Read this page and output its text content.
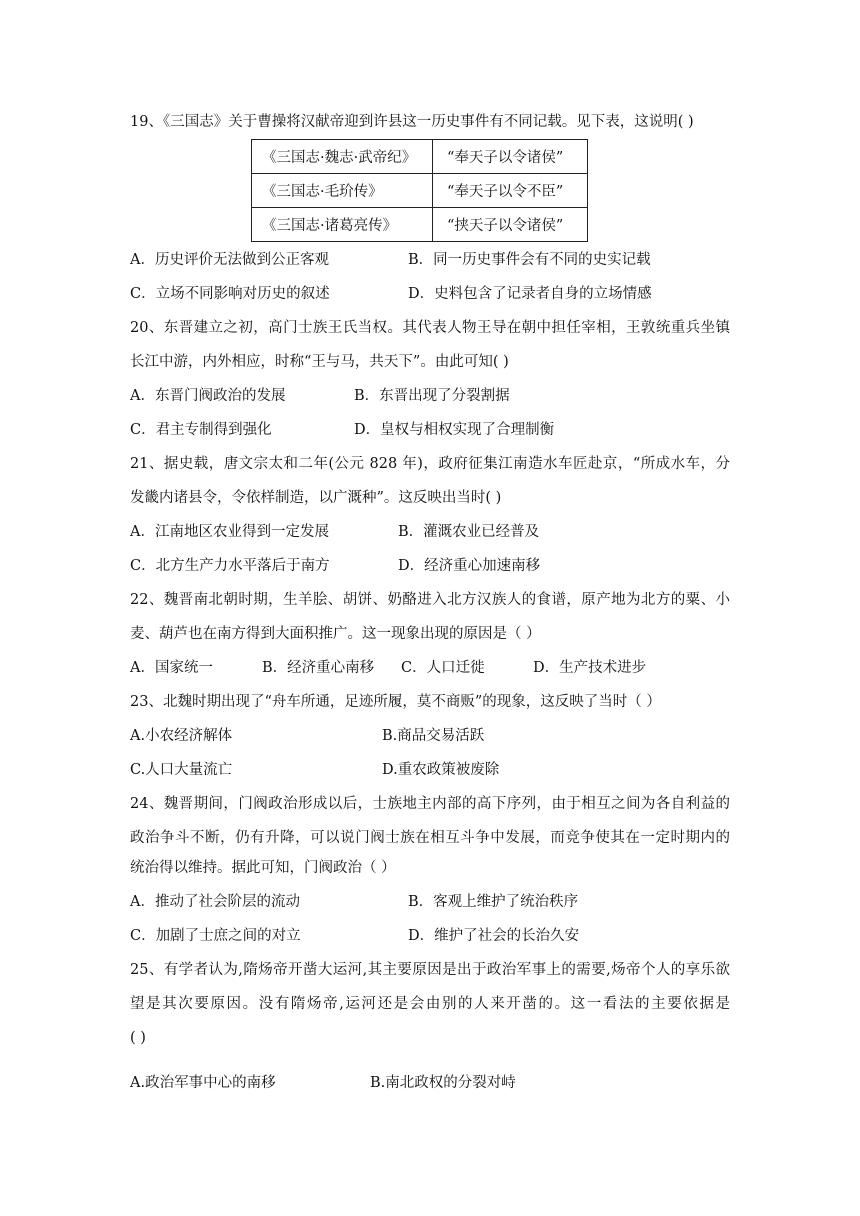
19、《三国志》关于曹操将汉献帝迎到许县这一历史事件有不同记载。见下表，这说明( )
《三国志·魏志·武帝纪》	“奉天子以令诸侯”
《三国志·毛玠传》	“奉天子以令不臣”
《三国志·诸葛亮传》	“挟天子以令诸侯”
A．历史评价无法做到公正客观	B．同一历史事件会有不同的史实记载
C．立场不同影响对历史的叙述	D．史料包含了记录者自身的立场情感
20、东晋建立之初，高门士族王氏当权。其代表人物王导在朝中担任宰相，王敦统重兵坐镇
长江中游，内外相应，时称“王与马，共天下”。由此可知( )
A．东晋门阀政治的发展	B．东晋出现了分裂割据
C．君主专制得到强化	D．皇权与相权实现了合理制衡
21、据史载，唐文宗太和二年(公元 828 年)，政府征集江南造水车匠赴京，“所成水车，分
发畿内诸县令，令依样制造，以广溉种”。这反映出当时( )
A．江南地区农业得到一定发展	B．灌溉农业已经普及
C．北方生产力水平落后于南方	D．经济重心加速南移
22、魏晋南北朝时期，生羊脍、胡饼、奶酪进入北方汉族人的食谱，原产地为北方的粟、小
麦、葫芦也在南方得到大面积推广。这一现象出现的原因是（ ）
A．国家统一	B．经济重心南移 C．人口迁徙	D．生产技术进步
23、北魏时期出现了“舟车所通，足迹所履，莫不商贩”的现象，这反映了当时（ ）
A.小农经济解体	B.商品交易活跃
C.人口大量流亡	D.重农政策被废除
24、魏晋期间，门阀政治形成以后，士族地主内部的高下序列，由于相互之间为各自利益的
政治争斗不断，仍有升降，可以说门阀士族在相互斗争中发展，而竞争使其在一定时期内的
统治得以维持。据此可知，门阀政治（ ）
A．推动了社会阶层的流动	B．客观上维护了统治秩序
C．加剧了士庶之间的对立	D．维护了社会的长治久安
25、有学者认为,隋炀帝开凿大运河,其主要原因是出于政治军事上的需要,炀帝个人的享乐欲
望是其次要原因。没有隋炀帝,运河还是会由别的人来开凿的。这一看法的主要依据是
( )
A.政治军事中心的南移	B.南北政权的分裂对峙
